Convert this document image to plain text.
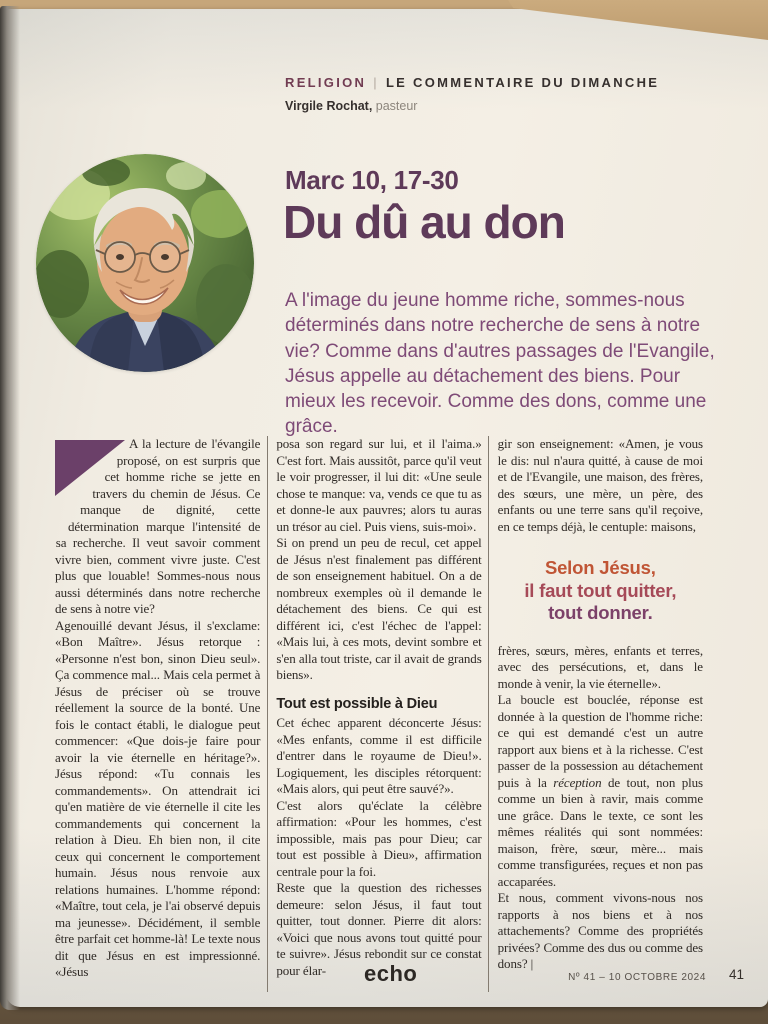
RELIGION | LE COMMENTAIRE DU DIMANCHE
Virgile Rochat, pasteur
Marc 10, 17-30
Du dû au don

A l'image du jeune homme riche, sommes-nous déterminés dans notre recherche de sens à notre vie? Comme dans d'autres passages de l'Evangile, Jésus appelle au détachement des biens. Pour mieux les recevoir. Comme des dons, comme une grâce.

A la lecture de l'évangile proposé, on est surpris que cet homme riche se jette en travers du chemin de Jésus. Ce manque de dignité, cette détermination marque l'intensité de sa recherche. Il veut savoir comment vivre bien, comment vivre juste. C'est plus que louable! Sommes-nous nous aussi déterminés dans notre recherche de sens à notre vie?

Agenouillé devant Jésus, il s'exclame: «Bon Maître». Jésus retorque : «Personne n'est bon, sinon Dieu seul». Ça commence mal... Mais cela permet à Jésus de préciser où se trouve réellement la source de la bonté. Une fois le contact établi, le dialogue peut commencer: «Que dois-je faire pour avoir la vie éternelle en héritage?». Jésus répond: «Tu connais les commandements». On attendrait ici qu'en matière de vie éternelle il cite les commandements qui concernent la relation à Dieu. Eh bien non, il cite ceux qui concernent le comportement humain. Jésus nous renvoie aux relations humaines. L'homme répond: «Maître, tout cela, je l'ai observé depuis ma jeunesse». Décidément, il semble être parfait cet homme-là! Le texte nous dit que Jésus en est impressionné. «Jésus

posa son regard sur lui, et il l'aima.» C'est fort. Mais aussitôt, parce qu'il veut le voir progresser, il lui dit: «Une seule chose te manque: va, vends ce que tu as et donne-le aux pauvres; alors tu auras un trésor au ciel. Puis viens, suis-moi».

Si on prend un peu de recul, cet appel de Jésus n'est finalement pas différent de son enseignement habituel. On a de nombreux exemples où il demande le détachement des biens. Ce qui est différent ici, c'est l'échec de l'appel: «Mais lui, à ces mots, devint sombre et s'en alla tout triste, car il avait de grands biens».

Tout est possible à Dieu

Cet échec apparent déconcerte Jésus: «Mes enfants, comme il est difficile d'entrer dans le royaume de Dieu!». Logiquement, les disciples rétorquent: «Mais alors, qui peut être sauvé?».

C'est alors qu'éclate la célèbre affirmation: «Pour les hommes, c'est impossible, mais pas pour Dieu; car tout est possible à Dieu», affirmation centrale pour la foi.

Reste que la question des richesses demeure: selon Jésus, il faut tout quitter, tout donner. Pierre dit alors: «Voici que nous avons tout quitté pour te suivre». Jésus rebondit sur ce constat pour élar-

gir son enseignement: «Amen, je vous le dis: nul n'aura quitté, à cause de moi et de l'Evangile, une maison, des frères, des sœurs, une mère, un père, des enfants ou une terre sans qu'il reçoive, en ce temps déjà, le centuple: maisons,

Selon Jésus,
il faut tout quitter,
tout donner.

frères, sœurs, mères, enfants et terres, avec des persécutions, et, dans le monde à venir, la vie éternelle».

La boucle est bouclée, réponse est donnée à la question de l'homme riche: ce qui est demandé c'est un autre rapport aux biens et à la richesse. C'est passer de la possession au détachement puis à la réception de tout, non plus comme un bien à ravir, mais comme une grâce. Dans le texte, ce sont les mêmes réalités qui sont nommées: maison, frère, sœur, mère... mais comme transfigurées, reçues et non pas accaparées.

Et nous, comment vivons-nous nos rapports à nos biens et à nos attachements? Comme des propriétés privées? Comme des dus ou comme des dons? |

echo	Nº 41 – 10 OCTOBRE 2024 41
